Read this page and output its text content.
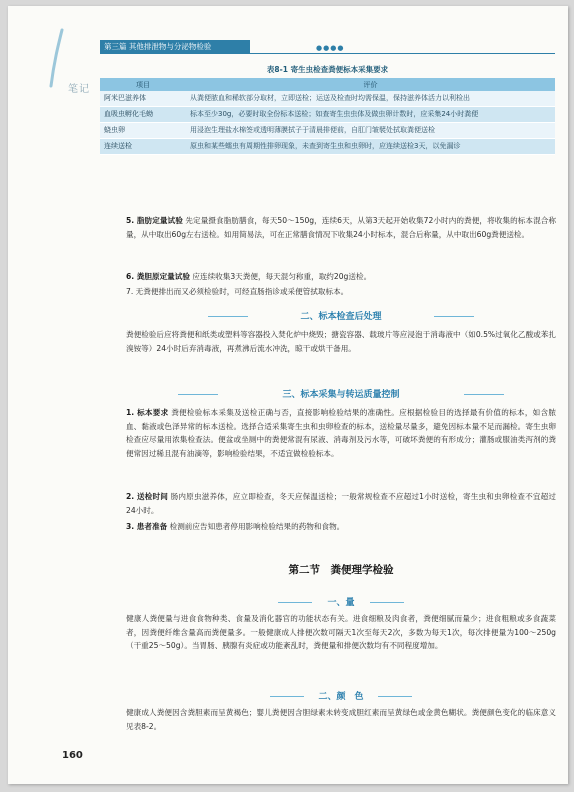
笔记
第三篇 其他排泄物与分泌物检验	●●●●
表8-1 寄生虫检查粪便标本采集要求
项目	评价
阿米巴滋养体	从粪便脓血和稀软部分取材，立即送检；运送及检查时均需保温，保持滋养体活力以利检出
血吸虫孵化毛蚴	标本至少30g，必要时取全份标本送检；如查寄生虫虫体及做虫卵计数时，应采集24小时粪便
蛲虫卵	用浸泡生理盐水棉签或透明薄膜拭子于清晨排便前，自肛门皱襞处拭取粪便送检
连续送检	原虫和某些蠕虫有周期性排卵现象，未查到寄生虫和虫卵时，应连续送检3天，以免漏诊
5. 脂肪定量试验 先定量摄食脂肪膳食，每天50～150g，连续6天，从第3天起开始收集72小时内的粪便，将收集的标本混合称量，从中取出60g左右送检。如用简易法，可在正常膳食情况下收集24小时标本，混合后称量，从中取出60g粪便送检。
6. 粪胆原定量试验 应连续收集3天粪便，每天混匀称重，取约20g送检。
7. 无粪便排出而又必须检验时，可经直肠指诊或采便管拭取标本。
二、标本检查后处理
粪便检验后应将粪便和纸类或塑料等容器投入焚化炉中烧毁；搪瓷容器、载玻片等应浸泡于消毒液中（如0.5%过氧化乙酸或苯扎溴铵等）24小时后弃消毒液，再煮沸后流水冲洗，晾干或烘干备用。
三、标本采集与转运质量控制
1. 标本要求 粪便检验标本采集及送检正确与否，直接影响检验结果的准确性。应根据检验目的选择最有价值的标本，如含脓血、黏液或色泽异常的标本送检。选择合适采集寄生虫和虫卵检查的标本，送检量尽量多，避免因标本量不足而漏检。寄生虫卵检查应尽量用浓集检查法。便盆或坐厕中的粪便常混有尿液、消毒剂及污水等，可破坏粪便的有形成分；灌肠或服油类泻剂的粪便常因过稀且混有油滴等，影响检验结果，不适宜做检验标本。
2. 送检时间 肠内原虫滋养体，应立即检查，冬天应保温送检；一般常规检查不应超过1小时送检，寄生虫和虫卵检查不宜超过24小时。
3. 患者准备 检测前应告知患者停用影响检验结果的药物和食物。
第二节　粪便理学检验
一、量
健康人粪便量与进食食物种类、食量及消化器官的功能状态有关。进食细粮及肉食者，粪便细腻而量少；进食粗粮或多食蔬菜者，因粪便纤维含量高而粪便量多。一般健康成人排便次数可隔天1次至每天2次，多数为每天1次，每次排便量为100～250g（干重25～50g）。当胃肠、胰腺有炎症或功能紊乱时，粪便量和排便次数均有不同程度增加。
二、颜　色
健康成人粪便因含粪胆素而呈黄褐色；婴儿粪便因含胆绿素未转变成胆红素而呈黄绿色或金黄色糊状。粪便颜色变化的临床意义见表8-2。
160
